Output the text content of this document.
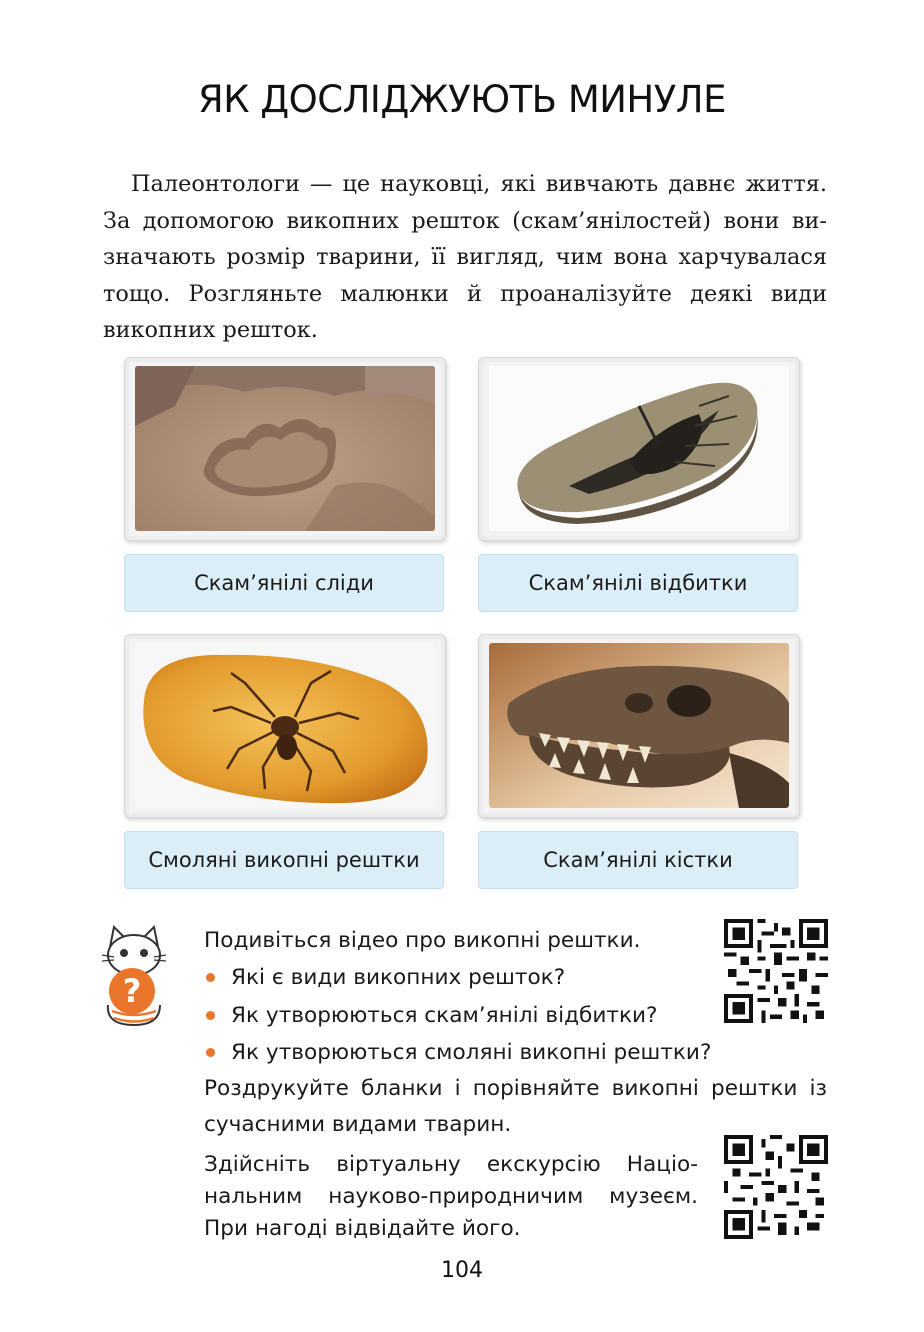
ЯК ДОСЛІДЖУЮТЬ МИНУЛЕ

Палеонтологи — це науковці, які вивчають давнє життя. За допомогою викопних решток (скам’янілостей) вони визначають розмір тварини, її вигляд, чим вона харчувалася тощо. Розгляньте малюнки й проаналізуйте деякі види викопних решток.

Скам’янілі сліди	Скам’янілі відбитки
Смоляні викопні рештки	Скам’янілі кістки
?

Подивіться відео про викопні рештки.

Які є види викопних решток?

Як утворюються скам’янілі відбитки?

Як утворюються смоляні викопні рештки?

Роздрукуйте бланки і порівняйте викопні рештки із сучасними видами тварин.

Здійсніть віртуальну екскурсію Національним науково-природничим музеєм. При нагоді відвідайте його.

104
